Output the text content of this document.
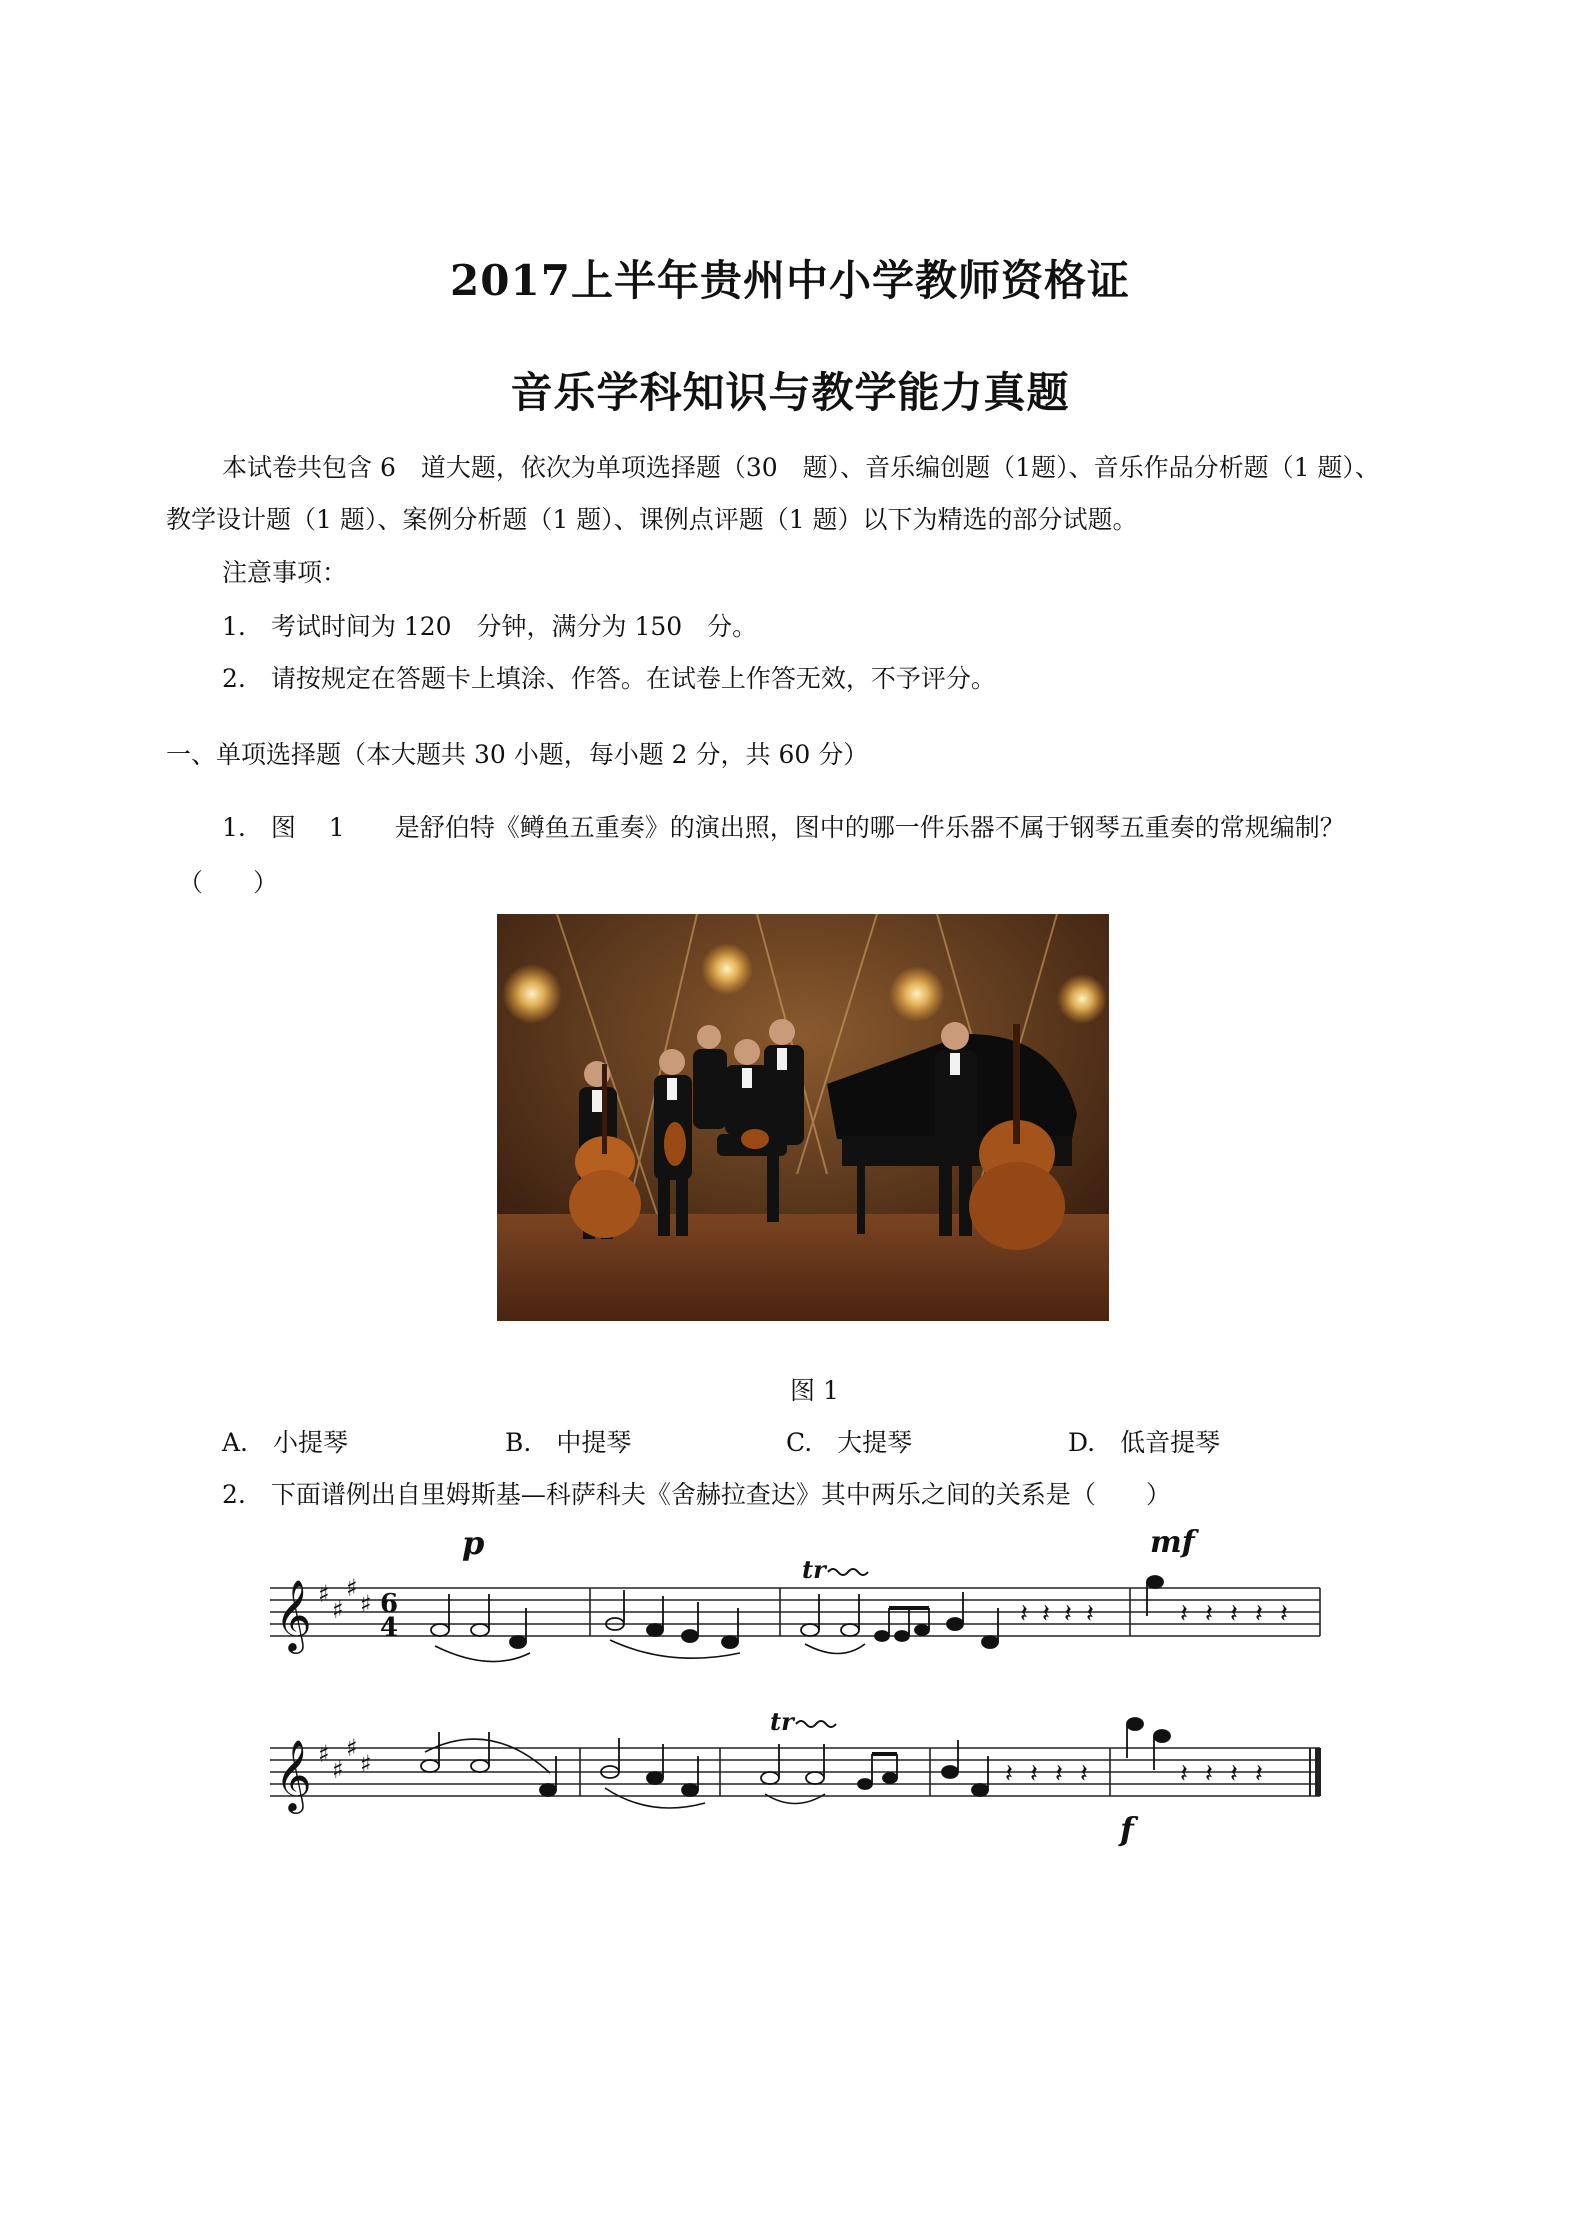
2017上半年贵州中小学教师资格证
音乐学科知识与教学能力真题
本试卷共包含 6　道大题，依次为单项选择题（30　题）、音乐编创题（1题）、音乐作品分析题（1 题）、
教学设计题（1 题）、案例分析题（1 题）、课例点评题（1 题）以下为精选的部分试题。
注意事项：
1.　考试时间为 120　分钟，满分为 150　分。
2.　请按规定在答题卡上填涂、作答。在试卷上作答无效，不予评分。
一、单项选择题（本大题共 30 小题，每小题 2 分，共 60 分）
1.　图　 1　　是舒伯特《鳟鱼五重奏》的演出照，图中的哪一件乐器不属于钢琴五重奏的常规编制？
（　　）
图 1
A.　小提琴	B.　中提琴	C.　大提琴	D.　低音提琴
2.　下面谱例出自里姆斯基—科萨科夫《舍赫拉查达》其中两乐之间的关系是（　　）
𝄞
𝄞
♯
♯
♯
♯
♯
♯
♯
♯
6
4
p	mf
f
tr
tr
𝄽 𝄽 𝄽 𝄽	𝄽 𝄽 𝄽 𝄽 𝄽
𝄽 𝄽 𝄽 𝄽	𝄽 𝄽 𝄽 𝄽
